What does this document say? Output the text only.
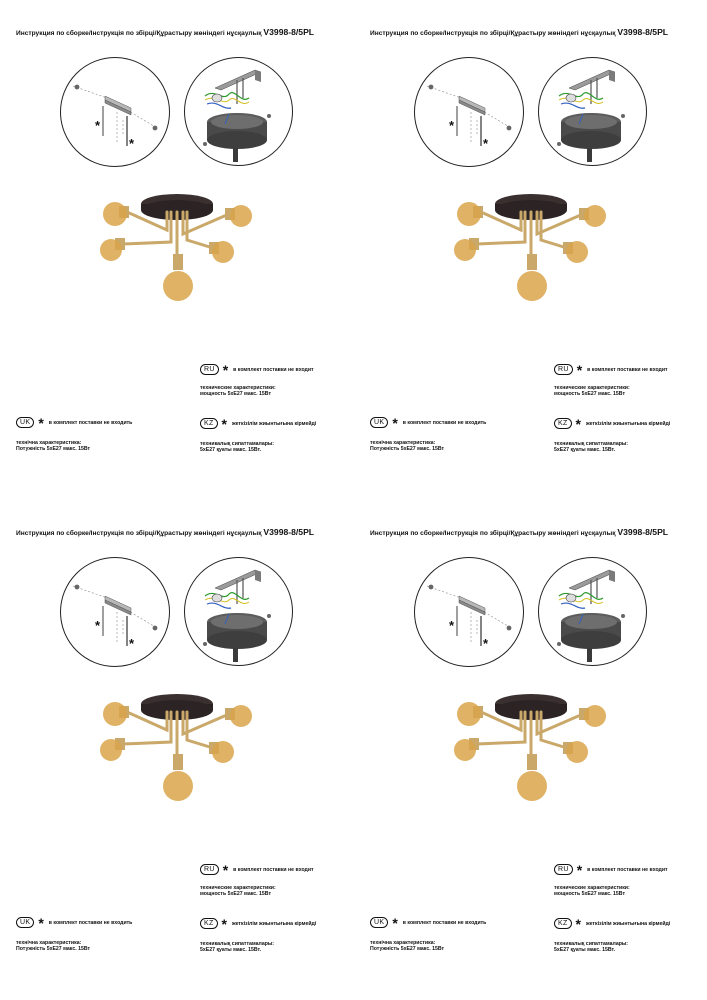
Инструкция по сборке/Інструкція по збірці/Құрастыру жөніндегі нұсқаулық V3998-8/5PL
*
*
RU * в комплект поставки не входит
технические характеристики:
мощность 5xE27 макс. 15Вт
KZ * жеткізілім жиынтығына кірмейді
техникалық сипаттамалары:
5xE27 қуаты макс. 15Вт.
UK * в комплект поставки не входить
технічна характеристика:
Потужність 5xE27 макс. 15Вт
Инструкция по сборке/Інструкція по збірці/Құрастыру жөніндегі нұсқаулық V3998-8/5PL
*
*
RU * в комплект поставки не входит
технические характеристики:
мощность 5xE27 макс. 15Вт
KZ * жеткізілім жиынтығына кірмейді
техникалық сипаттамалары:
5xE27 қуаты макс. 15Вт.
UK * в комплект поставки не входить
технічна характеристика:
Потужність 5xE27 макс. 15Вт
Инструкция по сборке/Інструкція по збірці/Құрастыру жөніндегі нұсқаулық V3998-8/5PL
*
*
RU * в комплект поставки не входит
технические характеристики:
мощность 5xE27 макс. 15Вт
KZ * жеткізілім жиынтығына кірмейді
техникалық сипаттамалары:
5xE27 қуаты макс. 15Вт.
UK * в комплект поставки не входить
технічна характеристика:
Потужність 5xE27 макс. 15Вт
Инструкция по сборке/Інструкція по збірці/Құрастыру жөніндегі нұсқаулық V3998-8/5PL
*
*
RU * в комплект поставки не входит
технические характеристики:
мощность 5xE27 макс. 15Вт
KZ * жеткізілім жиынтығына кірмейді
техникалық сипаттамалары:
5xE27 қуаты макс. 15Вт.
UK * в комплект поставки не входить
технічна характеристика:
Потужність 5xE27 макс. 15Вт
